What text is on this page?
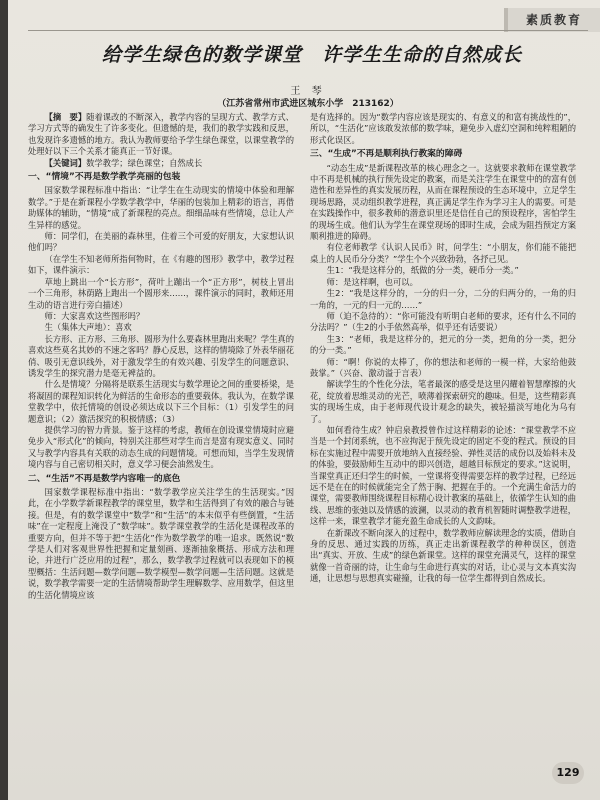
素质教育
给学生绿色的数学课堂　许学生生命的自然成长
王 琴
（江苏省常州市武进区城东小学　213162）

【摘　要】随着课改的不断深入，教学内容的呈现方式、教学方式、学习方式等的确发生了许多变化。但遗憾的是，我们的教学实践和反思，也发现许多遗憾的地方。我认为教师要给予学生绿色课堂，以课堂教学的处理好以下三个关系才能真正一节好课。

【关键词】数学教学；绿色课堂；自然成长

一、“情境”不再是数学教学亮丽的包装

国家数学课程标准中指出：“让学生在生动现实的情境中体验和理解数学。”于是在新课程小学数学教学中，华丽的包装加上精彩的语言，再借助媒体的辅助，“情境”成了新课程的亮点。细细品味有些情境，总让人产生异样的感觉。

师：同学们，在美丽的森林里，住着三个可爱的好朋友，大家想认识他们吗？

（在学生不知老师所指何物时，在《有趣的图形》教学中，教学过程如下，课件演示：

草地上跳出一个“长方形”，荷叶上蹦出一个“正方形”，树枝上冒出一个三角形，林荫路上跑出一个圆形来……，课件演示的同时，教师还用生动的语言进行旁白描述）

师：大家喜欢这些图形吗？

生（集体大声地）：喜欢

长方形、正方形、三角形、圆形为什么要森林里跑出来呢？学生真的喜欢这些莫名其妙的不速之客吗？静心反思，这样的情境除了外表华丽花俏、吸引无意识线外，对于激发学生的有效兴趣、引发学生的问题意识、诱发学生的探究潜力是毫无裨益的。

什么是情境？分隔将是联系生活现实与数学理论之间的重要桥梁，是将凝固的课程知识转化为鲜活的生命形态的重要载体。我认为，在数学课堂教学中，依托情境的创设必须达成以下三个目标：（1）引发学生的问题意识；（2）激活探究的积极情感；（3）

提供学习的智力背景。鉴于这样的考虑，教师在创设课堂情境时应避免步入“形式化”的倾向，特别关注那些对学生而言是富有现实意义、同时又与教学内容具有关联的动态生成的问题情境。可想而知，当学生发现情境内容与自己密切相关时，意义学习便会油然发生。

二、“生活”不再是数学内容唯一的底色

国家数学课程标准中指出：“数学教学应关注学生的生活现实。”因此，在小学数学新课程教学的课堂里，数学和生活得到了有效的融合与链接。但是，有的数学课堂中“数学”和“生活”的本末似乎有些倒置，“生活味”在一定程度上淹没了“数学味”。数学课堂教学的生活化是课程改革的重要方向，但并不等于把“生活化”作为数学教学的唯一追求。既然说“数学是人们对客观世界性把握和定量刻画、逐渐抽象概括、形成方法和理论，并进行广泛应用的过程”，那么，数学教学过程就可以表现如下的模型概括：生活问题—数学问题—数学模型—数学问题—生活问题。这就是说，数学教学需要一定的生活情境帮助学生理解数学、应用数学，但这里的生活化情境应该

是有选择的。因为“数学内容应该是现实的、有意义的和富有挑战性的”，所以，“生活化”应该敢发浓郁的数学味，避免步入虚幻空洞和纯粹粗陋的形式化误区。

三、“生成”不再是顺利执行教案的障碍

“动态生成”是新课程改革的核心理念之一。这就要求教师在课堂教学中不再是机械的执行预先设定的教案，而是关注学生在课堂中的的富有创造性和差异性的真实发展历程，从而在课程预设的生态环境中，立足学生现场思路，灵动组织教学进程，真正满足学生作为学习主人的需要。可是在实践操作中，很多教师的潜意识里还是信任自己的预设程序，害怕学生的现场生成。他们认为学生在课堂现场的即时生成，会成为阻挡预定方案顺利推进的障碍。

有位老师教学《认识人民币》时，问学生：“小朋友，你们能不能把桌上的人民币分分类？”学生个个兴致勃勃，各抒己见。

生1：“我是这样分的，纸做的分一类，硬币分一类。”

师：是这样啊，也可以。

生2：“我是这样分的，一分的归一分，二分的归两分的，一角的归一角的，一元的归一元的……”

师（迫不急待的）：“你可能没有听明白老师的要求，还有什么不同的分法吗？”（生2的小手依然高举，似乎还有话要说）

生3：“老师，我是这样分的，把元的分一类，把角的分一类，把分的分一类。”

师：“啊！你说的太棒了，你的想法和老师的一模一样，大家给他鼓鼓掌。”（兴奋、激动溢于言表）

解读学生的个性化分法，笔者最深的感受是这里闪耀着智慧摩擦的火花，绽放着思维灵动的光芒，喷薄着探索研究的趣味。但是，这些精彩真实的现场生成，由于老师现代设计观念的缺失，被轻描淡写地化为乌有了。

如何看待生成？钟启泉教授曾作过这样精彩的论述：“课堂教学不应当是一个封闭系统，也不应拘泥于预先设定的固定不变的程式。预设的目标在实施过程中需要开放地纳入直接经验、弹性灵活的成份以及始料未及的体验，要鼓励师生互动中的即兴创造，超越目标预定的要求。”这说明，当课堂真正还归学生的时候，一堂课将变得需要怎样的教学过程，已经远远不是在在的时候就能完全了然于胸、把握在手的。一个充满生命活力的课堂，需要教师围绕课程目标精心设计教案的基础上，依循学生认知的曲线、思维的张弛以及情感的波澜，以灵动的教育机智随时调整教学进程，这样一来，课堂教学才能充盈生命成长的人文韵味。

在新课改不断向深入的过程中，数学教师应解读理念的实质，借助自身的反思、通过实践的历练，真正走出新课程教学的种种误区，创造出“真实、开放、生成”的绿色新课堂。这样的课堂充满灵气，这样的课堂就像一首奇丽的诗，让生命与生命进行真实的对话，让心灵与文本真实沟通，让思想与思想真实碰撞，让我的每一位学生都得到自然成长。

129
